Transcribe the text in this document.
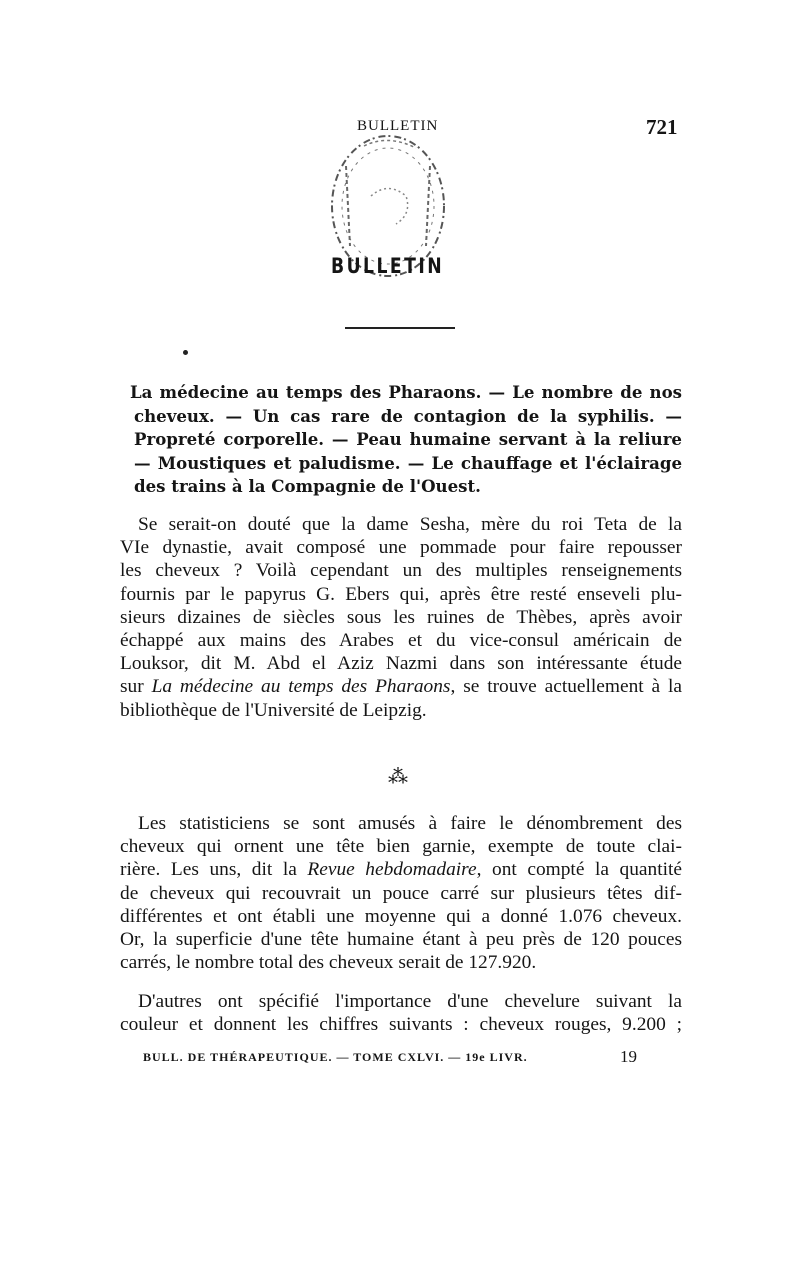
BULLETIN	721
BULLETIN
La médecine au temps des Pharaons. — Le nombre de nos
cheveux. — Un cas rare de contagion de la syphilis. —
Propreté corporelle. — Peau humaine servant à la reliure
— Moustiques et paludisme. — Le chauffage et l'éclairage
des trains à la Compagnie de l'Ouest.
Se serait-on douté que la dame Sesha, mère du roi Teta de la
VIe dynastie, avait composé une pommade pour faire repousser
les cheveux ? Voilà cependant un des multiples renseignements
fournis par le papyrus G. Ebers qui, après être resté enseveli plu-
sieurs dizaines de siècles sous les ruines de Thèbes, après avoir
échappé aux mains des Arabes et du vice-consul américain de
Louksor, dit M. Abd el Aziz Nazmi dans son intéressante étude
sur La médecine au temps des Pharaons, se trouve actuellement à la
bibliothèque de l'Université de Leipzig.
⁂
Les statisticiens se sont amusés à faire le dénombrement des
cheveux qui ornent une tête bien garnie, exempte de toute clai-
rière. Les uns, dit la Revue hebdomadaire, ont compté la quantité
de cheveux qui recouvrait un pouce carré sur plusieurs têtes dif-
différentes et ont établi une moyenne qui a donné 1.076 cheveux.
Or, la superficie d'une tête humaine étant à peu près de 120 pouces
carrés, le nombre total des cheveux serait de 127.920.
D'autres ont spécifié l'importance d'une chevelure suivant la
couleur et donnent les chiffres suivants : cheveux rouges, 9.200 ;
BULL. DE THÉRAPEUTIQUE. — TOME CXLVI. — 19e LIVR.	19
